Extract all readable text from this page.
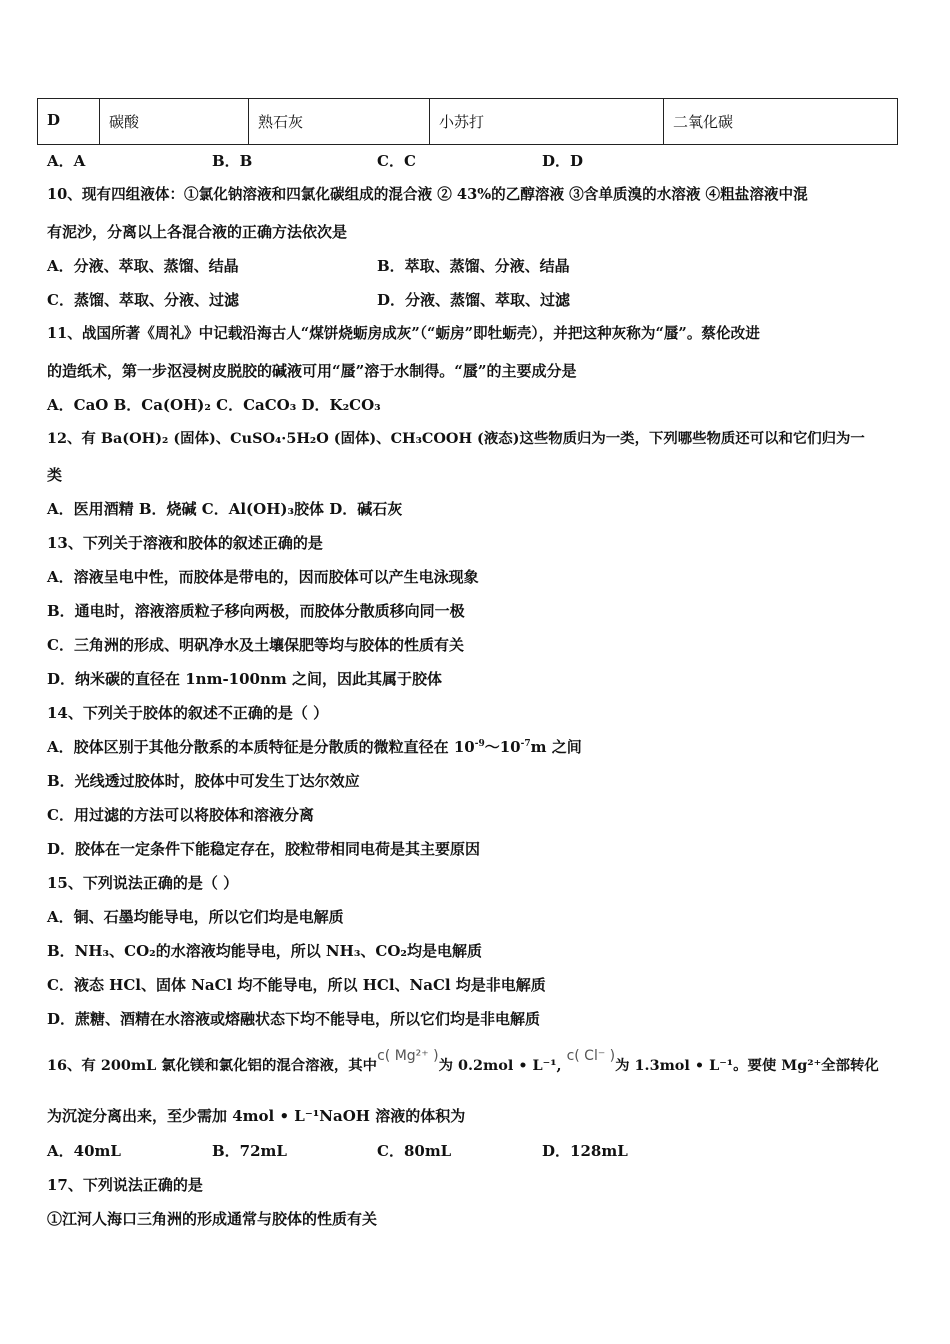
D	碳酸	熟石灰	小苏打	二氧化碳
A．A	B．B	C．C	D．D
10、现有四组液体：①氯化钠溶液和四氯化碳组成的混合液 ② 43%的乙醇溶液 ③含单质溴的水溶液 ④粗盐溶液中混
有泥沙，分离以上各混合液的正确方法依次是
A．分液、萃取、蒸馏、结晶	B．萃取、蒸馏、分液、结晶
C．蒸馏、萃取、分液、过滤	D．分液、蒸馏、萃取、过滤
11、战国所著《周礼》中记载沿海古人“煤饼烧蛎房成灰”（“蛎房”即牡蛎壳），并把这种灰称为“蜃”。蔡伦改进
的造纸术，第一步沤浸树皮脱胶的碱液可用“蜃”溶于水制得。“蜃”的主要成分是
A．CaO B．Ca(OH)₂ C．CaCO₃ D．K₂CO₃
12、有 Ba(OH)₂ (固体)、CuSO₄·5H₂O (固体)、CH₃COOH (液态)这些物质归为一类，下列哪些物质还可以和它们归为一
类
A．医用酒精 B．烧碱 C．Al(OH)₃胶体 D．碱石灰
13、下列关于溶液和胶体的叙述正确的是
A．溶液呈电中性，而胶体是带电的，因而胶体可以产生电泳现象
B．通电时，溶液溶质粒子移向两极，而胶体分散质移向同一极
C．三角洲的形成、明矾净水及土壤保肥等均与胶体的性质有关
D．纳米碳的直径在 1nm-100nm 之间，因此其属于胶体
14、下列关于胶体的叙述不正确的是（ ）
A．胶体区别于其他分散系的本质特征是分散质的微粒直径在 $10^{-9}\sim 10^{-7}m$ 之间
B．光线透过胶体时，胶体中可发生丁达尔效应
C．用过滤的方法可以将胶体和溶液分离
D．胶体在一定条件下能稳定存在，胶粒带相同电荷是其主要原因
15、下列说法正确的是（ ）
A．铜、石墨均能导电，所以它们均是电解质
B．NH₃、CO₂的水溶液均能导电，所以 NH₃、CO₂均是电解质
C．液态 HCl、固体 NaCl 均不能导电，所以 HCl、NaCl 均是非电解质
D．蔗糖、酒精在水溶液或熔融状态下均不能导电，所以它们均是非电解质
16、有 200mL 氯化镁和氯化铝的混合溶液，其中c( Mg²⁺ )为 0.2mol • L⁻¹, c( Cl⁻ )为 1.3mol • L⁻¹。要使 Mg²⁺全部转化
为沉淀分离出来，至少需加 4mol • L⁻¹NaOH 溶液的体积为
A．40mL	B．72mL	C．80mL	D．128mL
17、下列说法正确的是
①江河人海口三角洲的形成通常与胶体的性质有关
